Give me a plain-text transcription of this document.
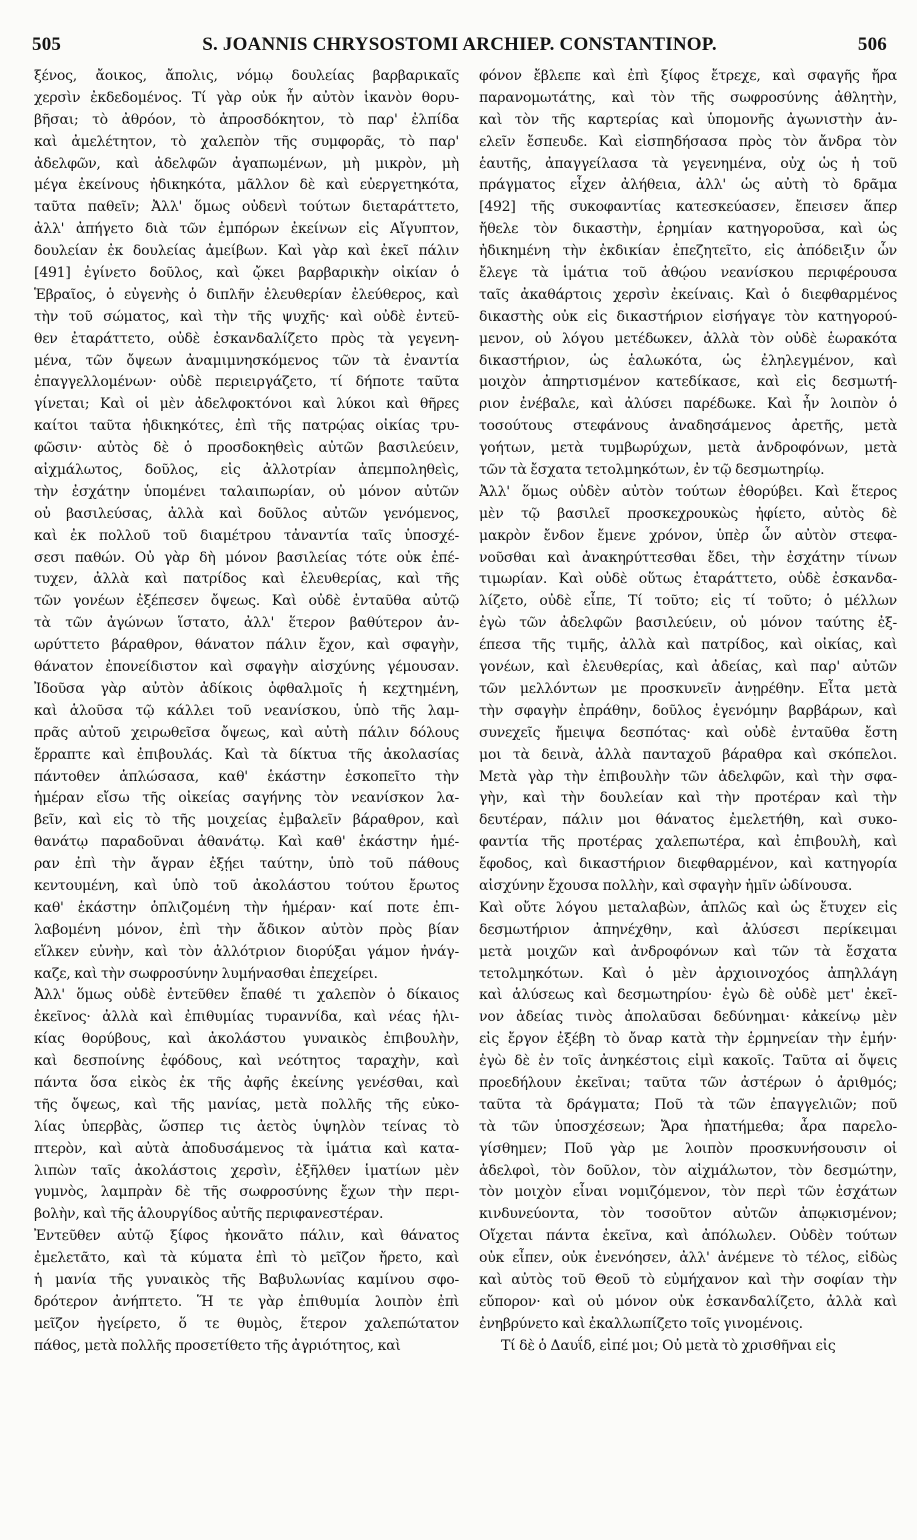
505	S. JOANNIS CHRYSOSTOMI ARCHIEP. CONSTANTINOP.	506
ξένος, ἄοικος, ἄπολις, νόμῳ δουλείας βαρβαρικαῖς
χερσὶν ἐκδεδομένος. Τί γὰρ οὐκ ἦν αὐτὸν ἱκανὸν θορυ-
βῆσαι; τὸ ἀθρόον, τὸ ἀπροσδόκητον, τὸ παρ' ἐλπίδα
καὶ ἀμελέτητον, τὸ χαλεπὸν τῆς συμφορᾶς, τὸ παρ'
ἀδελφῶν, καὶ ἀδελφῶν ἀγαπωμένων, μὴ μικρὸν, μὴ
μέγα ἐκείνους ἠδικηκότα, μᾶλλον δὲ καὶ εὐεργετηκότα,
ταῦτα παθεῖν; Ἀλλ' ὅμως οὐδενὶ τούτων διεταράττετο,
ἀλλ' ἀπήγετο διὰ τῶν ἐμπόρων ἐκείνων εἰς Αἴγυπτον,
δουλείαν ἐκ δουλείας ἀμείβων. Καὶ γὰρ καὶ ἐκεῖ πάλιν
[491] ἐγίνετο δοῦλος, καὶ ᾤκει βαρβαρικὴν οἰκίαν ὁ
Ἑβραῖος, ὁ εὐγενὴς ὁ διπλῆν ἐλευθερίαν ἐλεύθερος, καὶ
τὴν τοῦ σώματος, καὶ τὴν τῆς ψυχῆς· καὶ οὐδὲ ἐντεῦ-
θεν ἐταράττετο, οὐδὲ ἐσκανδαλίζετο πρὸς τὰ γεγενη-
μένα, τῶν ὄψεων ἀναμιμνησκόμενος τῶν τὰ ἐναντία
ἐπαγγελλομένων· οὐδὲ περιειργάζετο, τί δήποτε ταῦτα
γίνεται; Καὶ οἱ μὲν ἀδελφοκτόνοι καὶ λύκοι καὶ θῆρες
καίτοι ταῦτα ἠδικηκότες, ἐπὶ τῆς πατρῴας οἰκίας τρυ-
φῶσιν· αὐτὸς δὲ ὁ προσδοκηθεὶς αὐτῶν βασιλεύειν,
αἰχμάλωτος, δοῦλος, εἰς ἀλλοτρίαν ἀπεμποληθεὶς,
τὴν ἐσχάτην ὑπομένει ταλαιπωρίαν, οὐ μόνον αὐτῶν
οὐ βασιλεύσας, ἀλλὰ καὶ δοῦλος αὐτῶν γενόμενος,
καὶ ἐκ πολλοῦ τοῦ διαμέτρου τἀναντία ταῖς ὑποσχέ-
σεσι παθών. Οὐ γὰρ δὴ μόνον βασιλείας τότε οὐκ ἐπέ-
τυχεν, ἀλλὰ καὶ πατρίδος καὶ ἐλευθερίας, καὶ τῆς
τῶν γονέων ἐξέπεσεν ὄψεως. Καὶ οὐδὲ ἐνταῦθα αὐτῷ
τὰ τῶν ἀγώνων ἵστατο, ἀλλ' ἕτερον βαθύτερον ἀν-
ωρύττετο βάραθρον, θάνατον πάλιν ἔχον, καὶ σφαγὴν,
θάνατον ἐπονείδιστον καὶ σφαγὴν αἰσχύνης γέμουσαν.
Ἰδοῦσα γὰρ αὐτὸν ἀδίκοις ὀφθαλμοῖς ἡ κεχτημένη,
καὶ ἁλοῦσα τῷ κάλλει τοῦ νεανίσκου, ὑπὸ τῆς λαμ-
πρᾶς αὐτοῦ χειρωθεῖσα ὄψεως, καὶ αὐτὴ πάλιν δόλους
ἔρραπτε καὶ ἐπιβουλάς. Καὶ τὰ δίκτυα τῆς ἀκολασίας
πάντοθεν ἁπλώσασα, καθ' ἑκάστην ἐσκοπεῖτο τὴν
ἡμέραν εἴσω τῆς οἰκείας σαγήνης τὸν νεανίσκον λα-
βεῖν, καὶ εἰς τὸ τῆς μοιχείας ἐμβαλεῖν βάραθρον, καὶ
θανάτῳ παραδοῦναι ἀθανάτῳ. Καὶ καθ' ἑκάστην ἡμέ-
ραν ἐπὶ τὴν ἄγραν ἐξῄει ταύτην, ὑπὸ τοῦ πάθους
κεντουμένη, καὶ ὑπὸ τοῦ ἀκολάστου τούτου ἔρωτος
καθ' ἑκάστην ὁπλιζομένη τὴν ἡμέραν· καί ποτε ἐπι-
λαβομένη μόνον, ἐπὶ τὴν ἄδικον αὐτὸν πρὸς βίαν
εἵλκεν εὐνὴν, καὶ τὸν ἀλλότριον διορύξαι γάμον ἠνάγ-
καζε, καὶ τὴν σωφροσύνην λυμήνασθαι ἐπεχείρει.
Ἀλλ' ὅμως οὐδὲ ἐντεῦθεν ἔπαθέ τι χαλεπὸν ὁ δίκαιος
ἐκεῖνος· ἀλλὰ καὶ ἐπιθυμίας τυραννίδα, καὶ νέας ἡλι-
κίας θορύβους, καὶ ἀκολάστου γυναικὸς ἐπιβουλὴν,
καὶ δεσποίνης ἐφόδους, καὶ νεότητος ταραχὴν, καὶ
πάντα ὅσα εἰκὸς ἐκ τῆς ἀφῆς ἐκείνης γενέσθαι, καὶ
τῆς ὄψεως, καὶ τῆς μανίας, μετὰ πολλῆς τῆς εὐκο-
λίας ὑπερβὰς, ὥσπερ τις ἀετὸς ὑψηλὸν τείνας τὸ
πτερὸν, καὶ αὐτὰ ἀποδυσάμενος τὰ ἱμάτια καὶ κατα-
λιπὼν ταῖς ἀκολάστοις χερσὶν, ἐξῆλθεν ἱματίων μὲν
γυμνὸς, λαμπρὰν δὲ τῆς σωφροσύνης ἔχων τὴν περι-
βολὴν, καὶ τῆς ἁλουργίδος αὐτῆς περιφανεστέραν.
Ἐντεῦθεν αὐτῷ ξίφος ἠκονᾶτο πάλιν, καὶ θάνατος
ἐμελετᾶτο, καὶ τὰ κύματα ἐπὶ τὸ μεῖζον ἤρετο, καὶ
ἡ μανία τῆς γυναικὸς τῆς Βαβυλωνίας καμίνου σφο-
δρότερον ἀνήπτετο. Ἥ τε γὰρ ἐπιθυμία λοιπὸν ἐπὶ
μεῖζον ἠγείρετο, ὅ τε θυμὸς, ἕτερον χαλεπώτατον
πάθος, μετὰ πολλῆς προσετίθετο τῆς ἀγριότητος, καὶ
φόνον ἔβλεπε καὶ ἐπὶ ξίφος ἔτρεχε, καὶ σφαγῆς ἤρα
παρανομωτάτης, καὶ τὸν τῆς σωφροσύνης ἀθλητὴν,
καὶ τὸν τῆς καρτερίας καὶ ὑπομονῆς ἀγωνιστὴν ἀν-
ελεῖν ἔσπευδε. Καὶ εἰσπηδήσασα πρὸς τὸν ἄνδρα τὸν
ἑαυτῆς, ἀπαγγείλασα τὰ γεγενημένα, οὐχ ὡς ἡ τοῦ
πράγματος εἶχεν ἀλήθεια, ἀλλ' ὡς αὐτὴ τὸ δρᾶμα
[492] τῆς συκοφαντίας κατεσκεύασεν, ἔπεισεν ἅπερ
ἤθελε τὸν δικαστὴν, ἐρημίαν κατηγοροῦσα, καὶ ὡς
ἠδικημένη τὴν ἐκδικίαν ἐπεζητεῖτο, εἰς ἀπόδειξιν ὧν
ἔλεγε τὰ ἱμάτια τοῦ ἀθῴου νεανίσκου περιφέρουσα
ταῖς ἀκαθάρτοις χερσὶν ἐκείναις. Καὶ ὁ διεφθαρμένος
δικαστὴς οὐκ εἰς δικαστήριον εἰσήγαγε τὸν κατηγορού-
μενον, οὐ λόγου μετέδωκεν, ἀλλὰ τὸν οὐδὲ ἑωρακότα
δικαστήριον, ὡς ἑαλωκότα, ὡς ἐληλεγμένον, καὶ
μοιχὸν ἀπηρτισμένον κατεδίκασε, καὶ εἰς δεσμωτή-
ριον ἐνέβαλε, καὶ ἀλύσει παρέδωκε. Καὶ ἦν λοιπὸν ὁ
τοσούτους στεφάνους ἀναδησάμενος ἀρετῆς, μετὰ
γοήτων, μετὰ τυμβωρύχων, μετὰ ἀνδροφόνων, μετὰ
τῶν τὰ ἔσχατα τετολμηκότων, ἐν τῷ δεσμωτηρίῳ.
Ἀλλ' ὅμως οὐδὲν αὐτὸν τούτων ἐθορύβει. Καὶ ἕτερος
μὲν τῷ βασιλεῖ προσκεχρουκὼς ἠφίετο, αὐτὸς δὲ
μακρὸν ἔνδον ἔμενε χρόνον, ὑπὲρ ὧν αὐτὸν στεφα-
νοῦσθαι καὶ ἀνακηρύττεσθαι ἔδει, τὴν ἐσχάτην τίνων
τιμωρίαν. Καὶ οὐδὲ οὕτως ἐταράττετο, οὐδὲ ἐσκανδα-
λίζετο, οὐδὲ εἶπε, Τί τοῦτο; εἰς τί τοῦτο; ὁ μέλλων
ἐγὼ τῶν ἀδελφῶν βασιλεύειν, οὐ μόνον ταύτης ἐξ-
έπεσα τῆς τιμῆς, ἀλλὰ καὶ πατρίδος, καὶ οἰκίας, καὶ
γονέων, καὶ ἐλευθερίας, καὶ ἀδείας, καὶ παρ' αὐτῶν
τῶν μελλόντων με προσκυνεῖν ἀνῃρέθην. Εἶτα μετὰ
τὴν σφαγὴν ἐπράθην, δοῦλος ἐγενόμην βαρβάρων, καὶ
συνεχεῖς ἤμειψα δεσπότας· καὶ οὐδὲ ἐνταῦθα ἔστη
μοι τὰ δεινὰ, ἀλλὰ πανταχοῦ βάραθρα καὶ σκόπελοι.
Μετὰ γὰρ τὴν ἐπιβουλὴν τῶν ἀδελφῶν, καὶ τὴν σφα-
γὴν, καὶ τὴν δουλείαν καὶ τὴν προτέραν καὶ τὴν
δευτέραν, πάλιν μοι θάνατος ἐμελετήθη, καὶ συκο-
φαντία τῆς προτέρας χαλεπωτέρα, καὶ ἐπιβουλὴ, καὶ
ἔφοδος, καὶ δικαστήριον διεφθαρμένον, καὶ κατηγορία
αἰσχύνην ἔχουσα πολλὴν, καὶ σφαγὴν ἡμῖν ὠδίνουσα.
Καὶ οὔτε λόγου μεταλαβὼν, ἁπλῶς καὶ ὡς ἔτυχεν εἰς
δεσμωτήριον ἀπηνέχθην, καὶ ἀλύσεσι περίκειμαι
μετὰ μοιχῶν καὶ ἀνδροφόνων καὶ τῶν τὰ ἔσχατα
τετολμηκότων. Καὶ ὁ μὲν ἀρχιοινοχόος ἀπηλλάγη
καὶ ἁλύσεως καὶ δεσμωτηρίου· ἐγὼ δὲ οὐδὲ μετ' ἐκεῖ-
νον ἀδείας τινὸς ἀπολαῦσαι δεδύνημαι· κἀκείνῳ μὲν
εἰς ἔργον ἐξέβη τὸ ὄναρ κατὰ τὴν ἑρμηνείαν τὴν ἐμήν·
ἐγὼ δὲ ἐν τοῖς ἀνηκέστοις εἰμὶ κακοῖς. Ταῦτα αἱ ὄψεις
προεδήλουν ἐκεῖναι; ταῦτα τῶν ἀστέρων ὁ ἀριθμός;
ταῦτα τὰ δράγματα; Ποῦ τὰ τῶν ἐπαγγελιῶν; ποῦ
τὰ τῶν ὑποσχέσεων; Ἄρα ἠπατήμεθα; ἆρα παρελο-
γίσθημεν; Ποῦ γὰρ με λοιπὸν προσκυνήσουσιν οἱ
ἀδελφοὶ, τὸν δοῦλον, τὸν αἰχμάλωτον, τὸν δεσμώτην,
τὸν μοιχὸν εἶναι νομιζόμενον, τὸν περὶ τῶν ἐσχάτων
κινδυνεύοντα, τὸν τοσοῦτον αὐτῶν ἀπῳκισμένον;
Οἴχεται πάντα ἐκεῖνα, καὶ ἀπόλωλεν. Οὐδὲν τούτων
οὐκ εἶπεν, οὐκ ἐνενόησεν, ἀλλ' ἀνέμενε τὸ τέλος, εἰδὼς
καὶ αὐτὸς τοῦ Θεοῦ τὸ εὐμήχανον καὶ τὴν σοφίαν τὴν
εὔπορον· καὶ οὐ μόνον οὐκ ἐσκανδαλίζετο, ἀλλὰ καὶ
ἐνηβρύνετο καὶ ἐκαλλωπίζετο τοῖς γινομένοις.
Τί δὲ ὁ Δαυΐδ, εἰπέ μοι; Οὐ μετὰ τὸ χρισθῆναι εἰς
